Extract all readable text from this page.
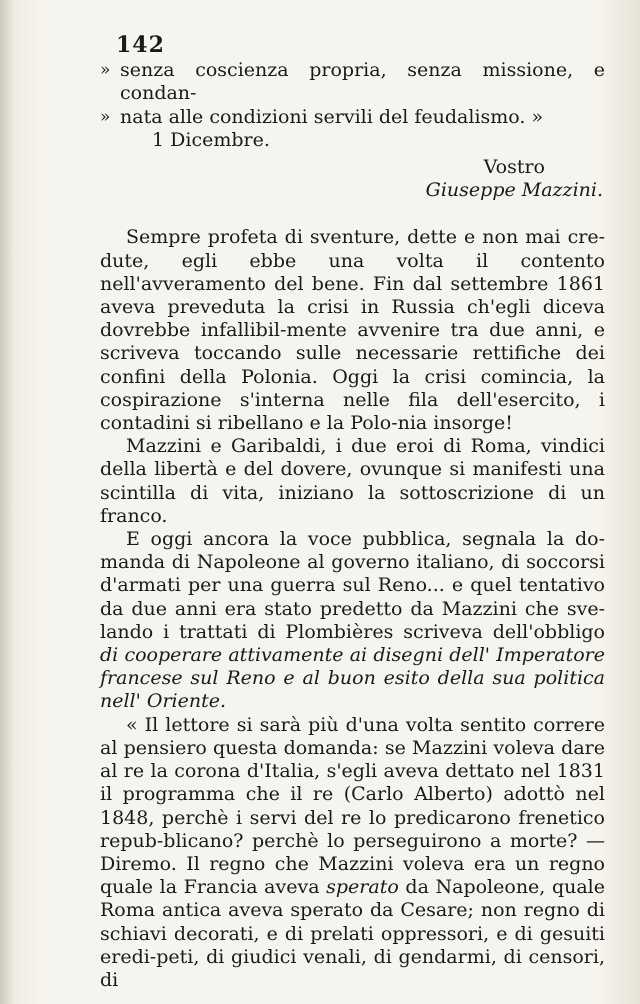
142
» senza coscienza propria, senza missione, e condan-
» nata alle condizioni servili del feudalismo. »
1 Dicembre.
Vostro
Giuseppe Mazzini.

Sempre profeta di sventure, dette e non mai cre-dute, egli ebbe una volta il contento nell'avveramento del bene. Fin dal settembre 1861 aveva preveduta la crisi in Russia ch'egli diceva dovrebbe infallibil-mente avvenire tra due anni, e scriveva toccando sulle necessarie rettifiche dei confini della Polonia. Oggi la crisi comincia, la cospirazione s'interna nelle fila dell'esercito, i contadini si ribellano e la Polo-nia insorge!

Mazzini e Garibaldi, i due eroi di Roma, vindici della libertà e del dovere, ovunque si manifesti una scintilla di vita, iniziano la sottoscrizione di un franco.

E oggi ancora la voce pubblica, segnala la do-manda di Napoleone al governo italiano, di soccorsi d'armati per una guerra sul Reno... e quel tentativo da due anni era stato predetto da Mazzini che sve-lando i trattati di Plombières scriveva dell'obbligo di cooperare attivamente ai disegni dell' Imperatore francese sul Reno e al buon esito della sua politica nell' Oriente.

« Il lettore si sarà più d'una volta sentito correre al pensiero questa domanda: se Mazzini voleva dare al re la corona d'Italia, s'egli aveva dettato nel 1831 il programma che il re (Carlo Alberto) adottò nel 1848, perchè i servi del re lo predicarono frenetico repub-blicano? perchè lo perseguirono a morte? — Diremo. Il regno che Mazzini voleva era un regno quale la Francia aveva sperato da Napoleone, quale Roma antica aveva sperato da Cesare; non regno di schiavi decorati, e di prelati oppressori, e di gesuiti eredi-peti, di giudici venali, di gendarmi, di censori, di
